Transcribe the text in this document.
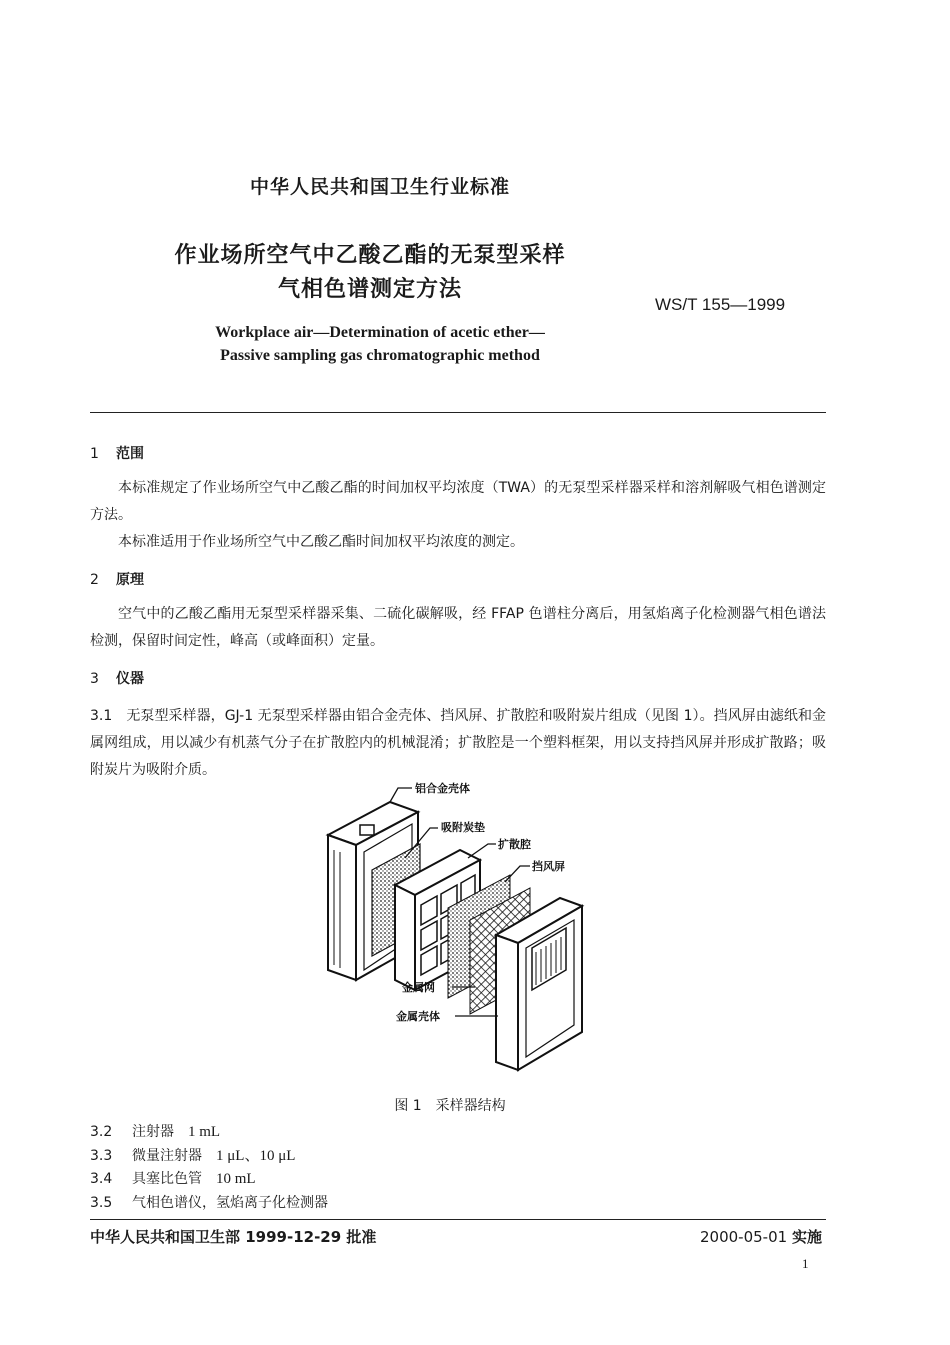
中华人民共和国卫生行业标准
作业场所空气中乙酸乙酯的无泵型采样
气相色谱测定方法
WS/T 155—1999
Workplace air—Determination of acetic ether—
Passive sampling gas chromatographic method
1 范围
本标准规定了作业场所空气中乙酸乙酯的时间加权平均浓度（TWA）的无泵型采样器采样和溶剂解吸气相色谱测定方法。
本标准适用于作业场所空气中乙酸乙酯时间加权平均浓度的测定。
2 原理
空气中的乙酸乙酯用无泵型采样器采集、二硫化碳解吸，经 FFAP 色谱柱分离后，用氢焰离子化检测器气相色谱法检测，保留时间定性，峰高（或峰面积）定量。
3 仪器
3.1　无泵型采样器，GJ-1 无泵型采样器由铝合金壳体、挡风屏、扩散腔和吸附炭片组成（见图 1）。挡风屏由滤纸和金属网组成，用以减少有机蒸气分子在扩散腔内的机械混淆；扩散腔是一个塑料框架，用以支持挡风屏并形成扩散路；吸附炭片为吸附介质。
铝合金壳体
吸附炭垫
扩散腔
挡风屏
金属网
金属壳体
图 1 采样器结构
3.2 注射器 1 mL
3.3 微量注射器 1 μL、10 μL
3.4 具塞比色管 10 mL
3.5 气相色谱仪，氢焰离子化检测器
中华人民共和国卫生部 1999-12-29 批准	2000-05-01 实施
1
